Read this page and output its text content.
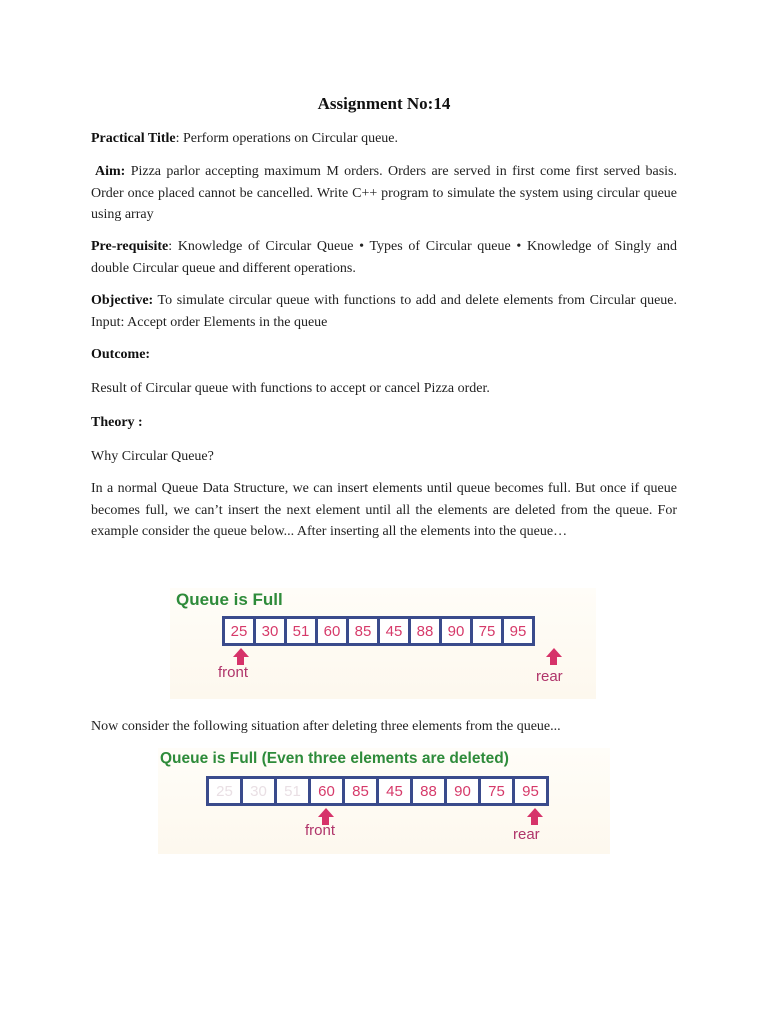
Assignment No:14
Practical Title: Perform operations on Circular queue.
Aim: Pizza parlor accepting maximum M orders. Orders are served in first come first served basis. Order once placed cannot be cancelled. Write C++ program to simulate the system using circular queue using array
Pre-requisite: Knowledge of Circular Queue • Types of Circular queue • Knowledge of Singly and double Circular queue and different operations.
Objective: To simulate circular queue with functions to add and delete elements from Circular queue. Input: Accept order Elements in the queue
Outcome:
Result of Circular queue with functions to accept or cancel Pizza order.
Theory :
Why Circular Queue?
In a normal Queue Data Structure, we can insert elements until queue becomes full. But once if queue becomes full, we can’t insert the next element until all the elements are deleted from the queue. For example consider the queue below... After inserting all the elements into the queue…
Queue is Full
25 30 51 60 85 45 88 90 75 95
front	rear
Now consider the following situation after deleting three elements from the queue...
Queue is Full (Even three elements are deleted)
25	30	51	60	85	45	88	90	75	95
front	rear
